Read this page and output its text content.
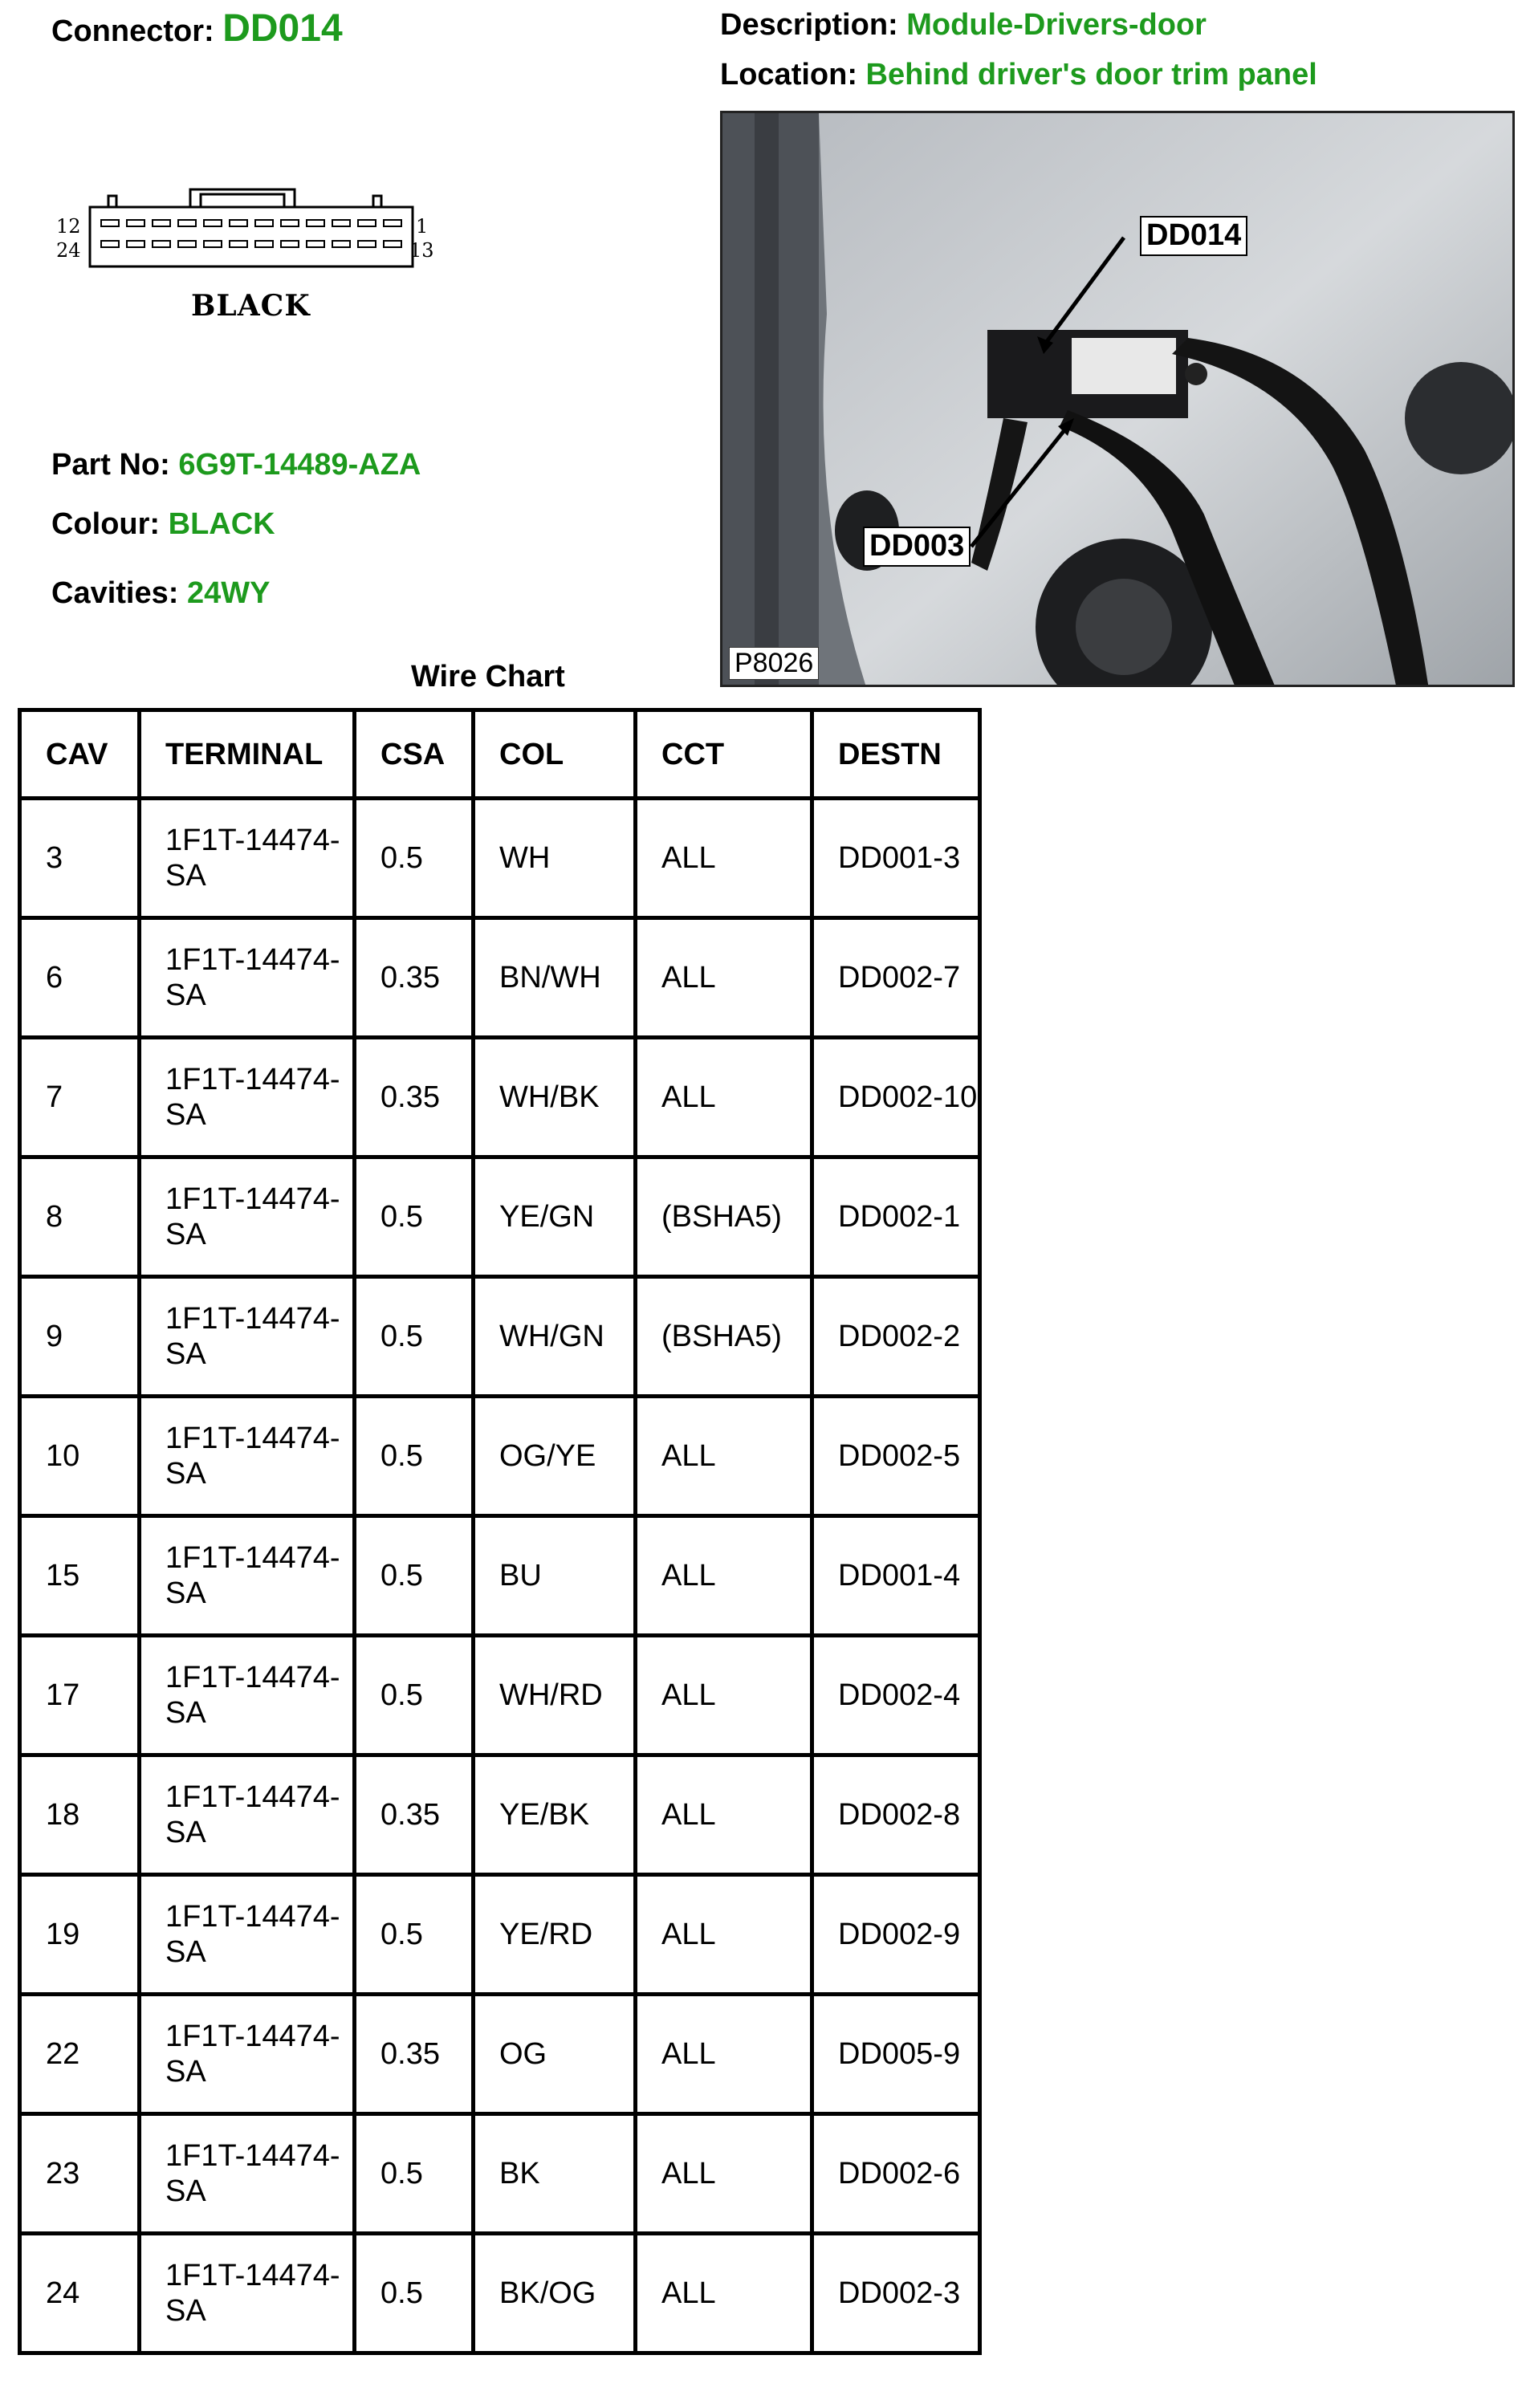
Connector: DD014	Description: Module-Drivers-door
Location: Behind driver's door trim panel
12
24
1
13
BLACK
DD014
DD003
P8026
Part No: 6G9T-14489-AZA
Colour: BLACK
Cavities: 24WY
Wire Chart
CAV	TERMINAL	CSA	COL	CCT	DESTN
3	1F1T-14474-SA	0.5	WH	ALL	DD001-3
6	1F1T-14474-SA	0.35	BN/WH	ALL	DD002-7
7	1F1T-14474-SA	0.35	WH/BK	ALL	DD002-10
8	1F1T-14474-SA	0.5	YE/GN	(BSHA5)	DD002-1
9	1F1T-14474-SA	0.5	WH/GN	(BSHA5)	DD002-2
10	1F1T-14474-SA	0.5	OG/YE	ALL	DD002-5
15	1F1T-14474-SA	0.5	BU	ALL	DD001-4
17	1F1T-14474-SA	0.5	WH/RD	ALL	DD002-4
18	1F1T-14474-SA	0.35	YE/BK	ALL	DD002-8
19	1F1T-14474-SA	0.5	YE/RD	ALL	DD002-9
22	1F1T-14474-SA	0.35	OG	ALL	DD005-9
23	1F1T-14474-SA	0.5	BK	ALL	DD002-6
24	1F1T-14474-SA	0.5	BK/OG	ALL	DD002-3
